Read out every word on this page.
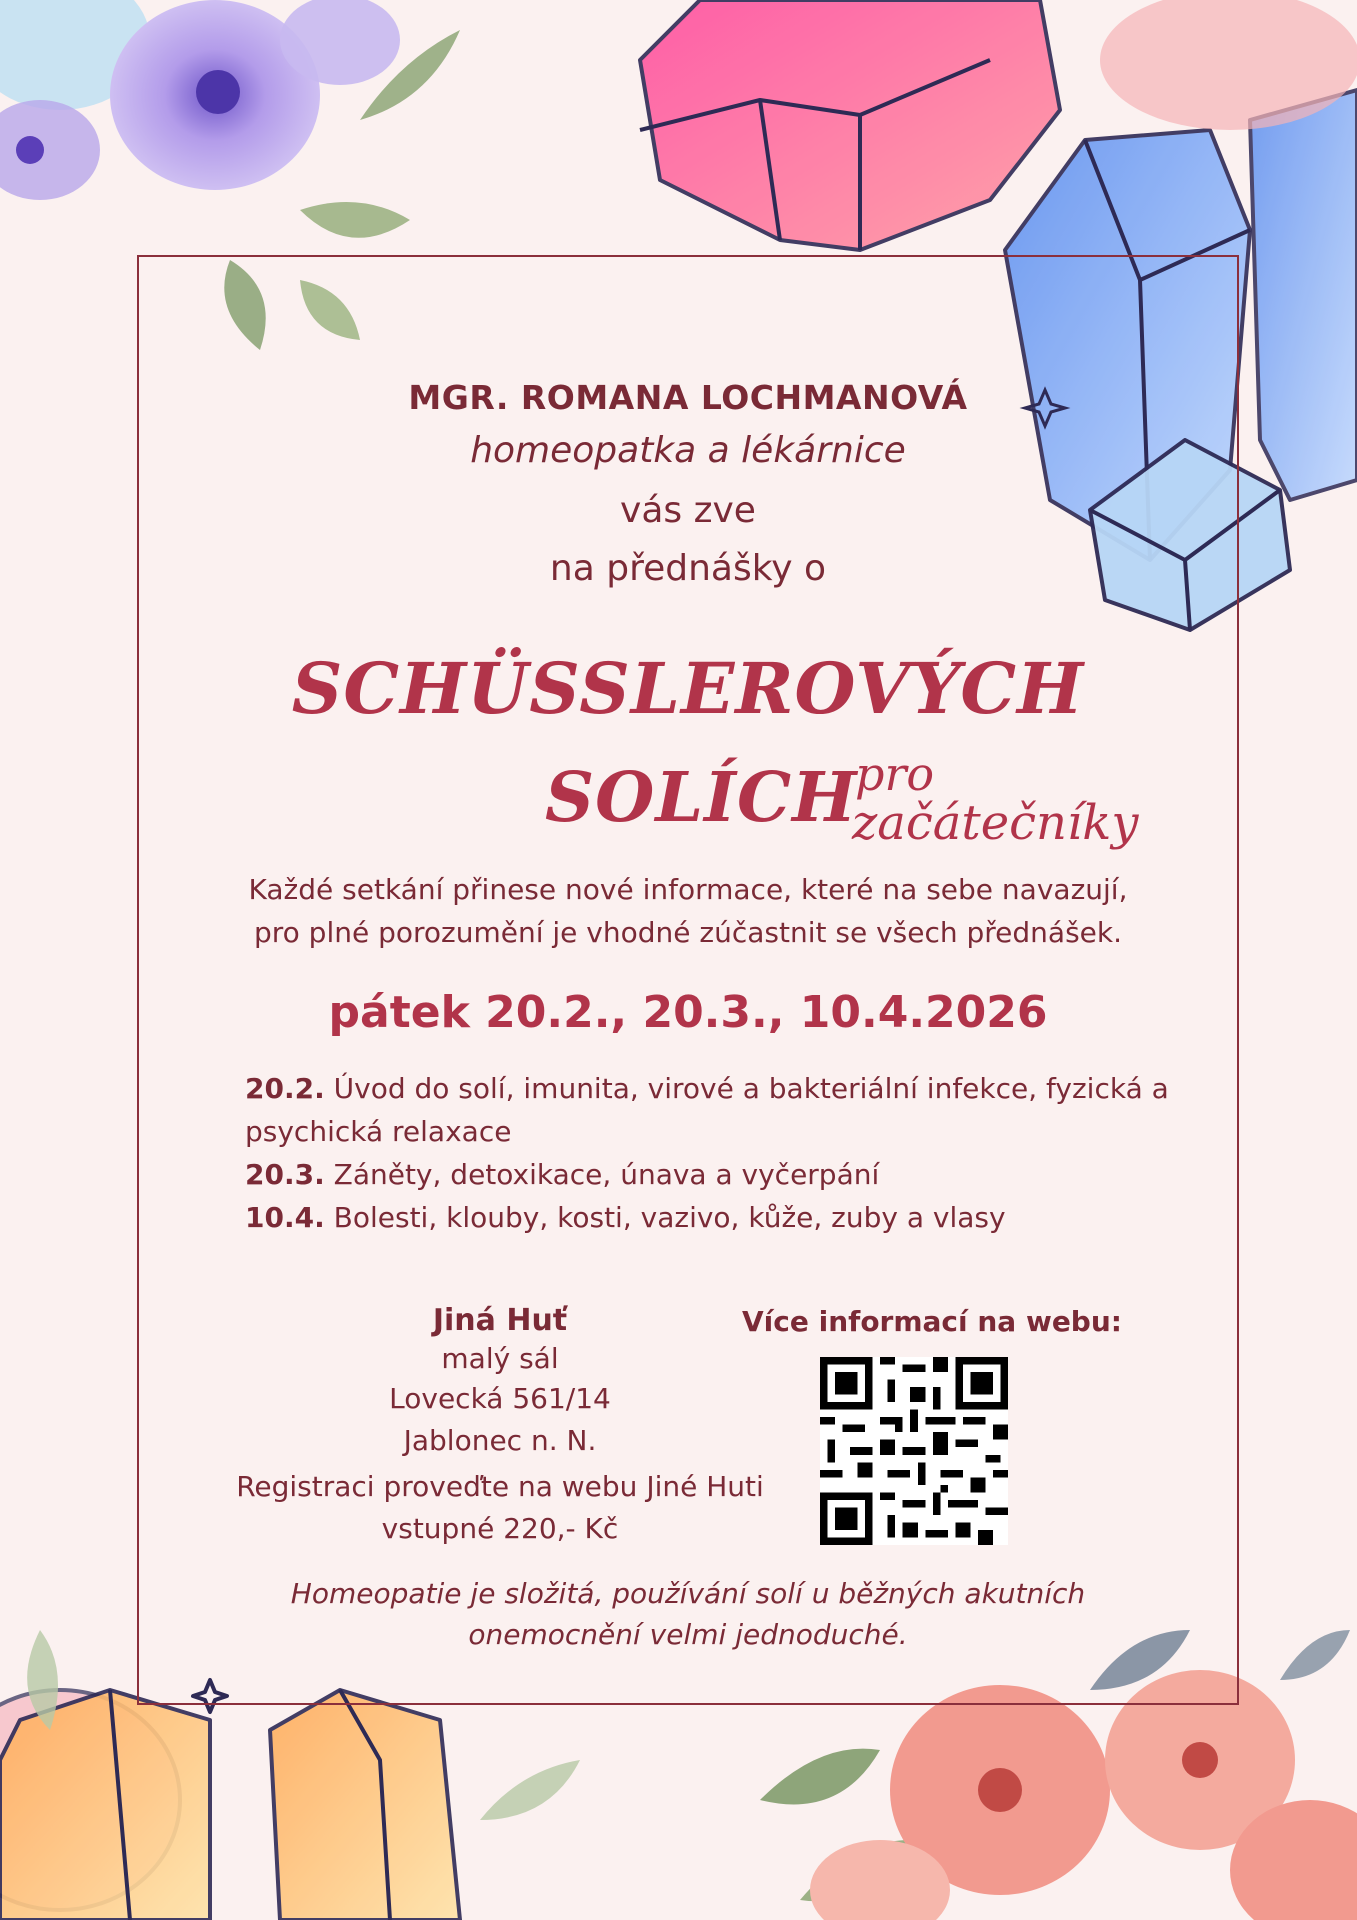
MGR. ROMANA LOCHMANOVÁ
homeopatka a lékárnice
vás zve
na přednášky o
SCHÜSSLEROVÝCH
SOLÍCH
pro
začátečníky
Každé setkání přinese nové informace, které na sebe navazují,
pro plné porozumění je vhodné zúčastnit se všech přednášek.
pátek 20.2., 20.3., 10.4.2026
20.2. Úvod do solí, imunita, virové a bakteriální infekce, fyzická a psychická relaxace
20.3. Záněty, detoxikace, únava a vyčerpání
10.4. Bolesti, klouby, kosti, vazivo, kůže, zuby a vlasy
Jiná Huť
malý sál
Lovecká 561/14
Jablonec n. N.
Registraci proveďte na webu Jiné Huti
vstupné 220,- Kč
Více informací na webu:
Homeopatie je složitá, používání solí u běžných akutních
onemocnění velmi jednoduché.
